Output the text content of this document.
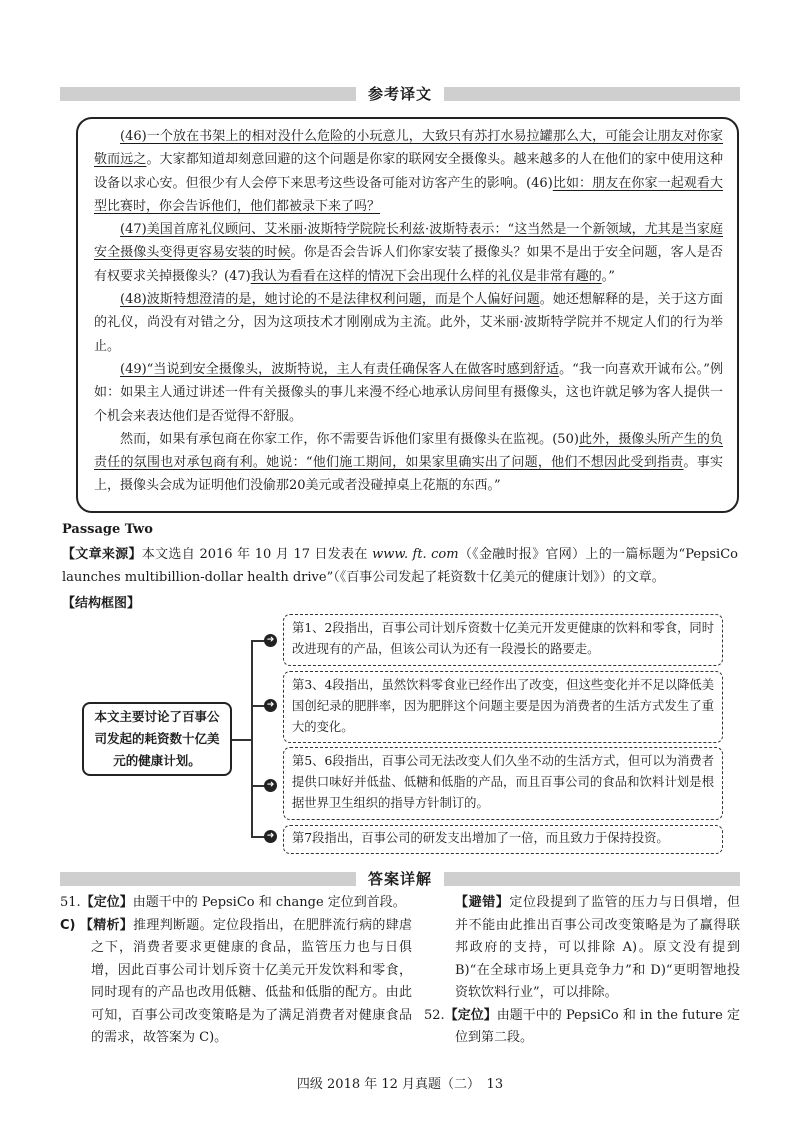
参考译文

(46)一个放在书架上的相对没什么危险的小玩意儿，大致只有苏打水易拉罐那么大，可能会让朋友对你家敬而远之。大家都知道却刻意回避的这个问题是你家的联网安全摄像头。越来越多的人在他们的家中使用这种设备以求心安。但很少有人会停下来思考这些设备可能对访客产生的影响。(46)比如：朋友在你家一起观看大型比赛时，你会告诉他们，他们都被录下来了吗？

(47)美国首席礼仪顾问、艾米丽·波斯特学院院长利兹·波斯特表示：“这当然是一个新领域，尤其是当家庭安全摄像头变得更容易安装的时候。你是否会告诉人们你家安装了摄像头？如果不是出于安全问题，客人是否有权要求关掉摄像头？(47)我认为看看在这样的情况下会出现什么样的礼仪是非常有趣的。”

(48)波斯特想澄清的是，她讨论的不是法律权利问题，而是个人偏好问题。她还想解释的是，关于这方面的礼仪，尚没有对错之分，因为这项技术才刚刚成为主流。此外，艾米丽·波斯特学院并不规定人们的行为举止。

(49)“当说到安全摄像头，波斯特说，主人有责任确保客人在做客时感到舒适。“我一向喜欢开诚布公。”例如：如果主人通过讲述一件有关摄像头的事儿来漫不经心地承认房间里有摄像头，这也许就足够为客人提供一个机会来表达他们是否觉得不舒服。

然而，如果有承包商在你家工作，你不需要告诉他们家里有摄像头在监视。(50)此外，摄像头所产生的负责任的氛围也对承包商有利。她说：“他们施工期间，如果家里确实出了问题，他们不想因此受到指责。事实上，摄像头会成为证明他们没偷那20美元或者没碰掉桌上花瓶的东西。”

Passage Two
【文章来源】本文选自 2016 年 10 月 17 日发表在 www. ft. com（《金融时报》官网）上的一篇标题为“PepsiCo launches multibillion-dollar health drive”（《百事公司发起了耗资数十亿美元的健康计划》）的文章。
【结构框图】
本文主要讨论了百事公司发起的耗资数十亿美元的健康计划。
➜
第1、2段指出，百事公司计划斥资数十亿美元开发更健康的饮料和零食，同时改进现有的产品，但该公司认为还有一段漫长的路要走。
➜
第3、4段指出，虽然饮料零食业已经作出了改变，但这些变化并不足以降低美国创纪录的肥胖率，因为肥胖这个问题主要是因为消费者的生活方式发生了重大的变化。
➜
第5、6段指出，百事公司无法改变人们久坐不动的生活方式，但可以为消费者提供口味好并低盐、低糖和低脂的产品，而且百事公司的食品和饮料计划是根据世界卫生组织的指导方针制订的。
➜	第7段指出，百事公司的研发支出增加了一倍，而且致力于保持投资。
答案详解

51.【定位】由题干中的 PepsiCo 和 change 定位到首段。

C) 【精析】推理判断题。定位段指出，在肥胖流行病的肆虐之下，消费者要求更健康的食品，监管压力也与日俱增，因此百事公司计划斥资十亿美元开发饮料和零食，同时现有的产品也改用低糖、低盐和低脂的配方。由此可知，百事公司改变策略是为了满足消费者对健康食品的需求，故答案为 C)。

【避错】定位段提到了监管的压力与日俱增，但并不能由此推出百事公司改变策略是为了赢得联邦政府的支持，可以排除 A)。原文没有提到 B)“在全球市场上更具竞争力”和 D)“更明智地投资软饮料行业”，可以排除。

52.【定位】由题干中的 PepsiCo 和 in the future 定位到第二段。

四级 2018 年 12 月真题（二）　13
